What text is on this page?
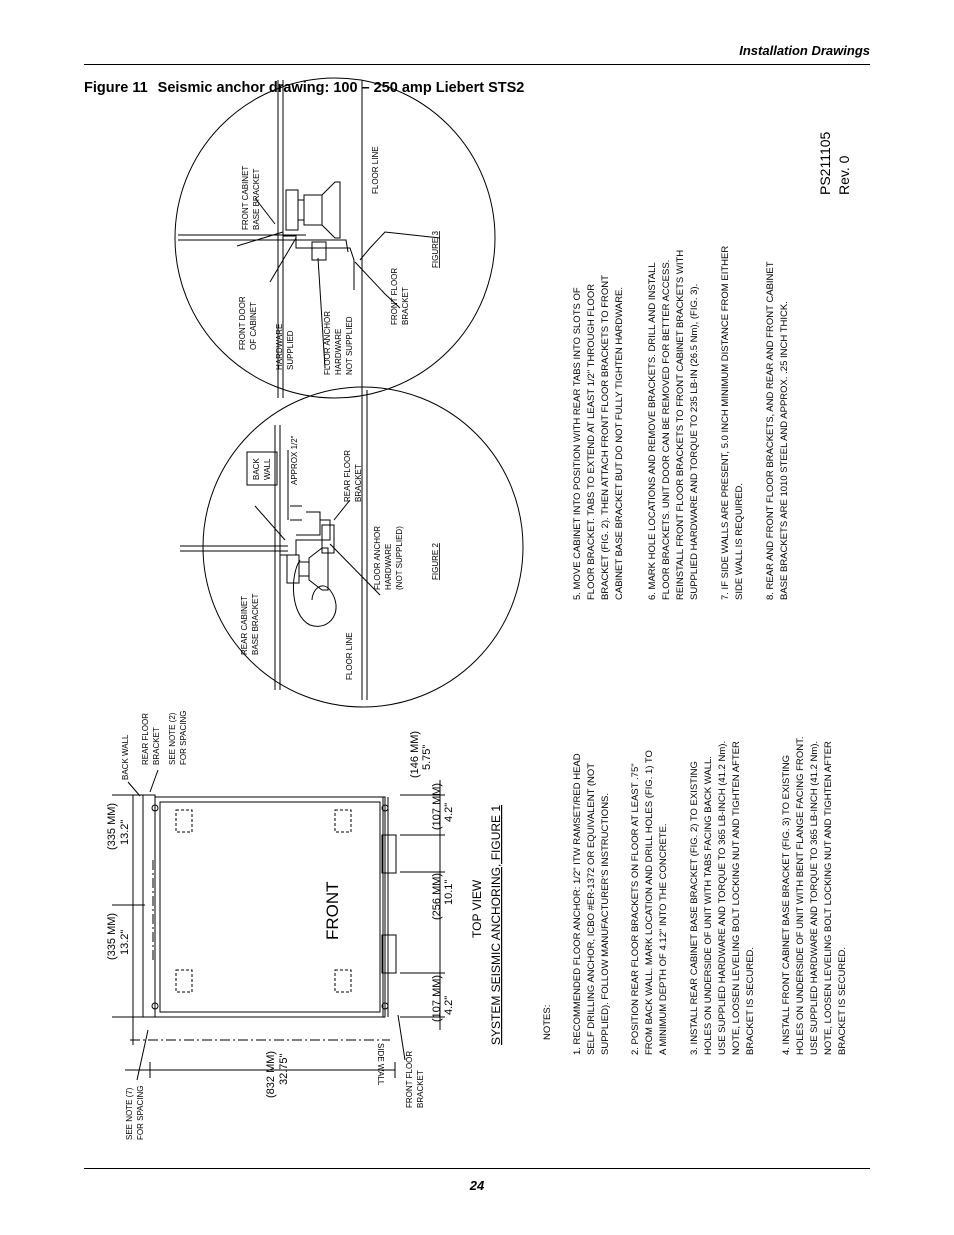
Installation Drawings
Figure 11 Seismic anchor drawing: 100 – 250 amp Liebert STS2
FRONT DOOR OF CABINET HARDWARE SUPPLIED	FLOOR ANCHOR HARDWARE NOT SUPPLIED
FRONT FLOOR BRACKET
FIGURE 3
FRONT CABINET BASE BRACKET	FLOOR LINE
REAR CABINET BASE BRACKET
FLOOR LINE
FLOOR ANCHOR HARDWARE (NOT SUPPLIED)	FIGURE 2
REAR FLOOR BRACKET
APPROX 1/2"
BACK WALL
BACK WALL REAR FLOOR BRACKET SEE NOTE (2) FOR SPACING
SIDE WALL	FRONT FLOOR BRACKET
SEE NOTE (7) FOR SPACING
FRONT	TOP VIEW SYSTEM SEISMIC ANCHORING, FIGURE 1
(335 MM) 13.2"
(335 MM) 13.2"
(832 MM) 32.75"
(107 MM) 4.2"
(256 MM) 10.1"
(107 MM) 4.2"
(146 MM) 5.75"
PS211105 Rev. 0
NOTES: 1. RECOMMENDED FLOOR ANCHOR: 1/2" ITW RAMSET/RED HEAD SELF DRILLING ANCHOR, ICBO #ER-1372 OR EQUIVALENT (NOT SUPPLIED). FOLLOW MANUFACTURER'S INSTRUCTIONS. 2. POSITION REAR FLOOR BRACKETS ON FLOOR AT LEAST .75" FROM BACK WALL. MARK LOCATION AND DRILL HOLES (FIG. 1) TO A MINIMUM DEPTH OF 4.12" INTO THE CONCRETE. 3. INSTALL REAR CABINET BASE BRACKET (FIG. 2) TO EXISTING HOLES ON UNDERSIDE OF UNIT WITH TABS FACING BACK WALL. USE SUPPLIED HARDWARE AND TORQUE TO 365 LB-INCH (41.2 Nm). NOTE, LOOSEN LEVELING BOLT LOCKING NUT AND TIGHTEN AFTER BRACKET IS SECURED.	4. INSTALL FRONT CABINET BASE BRACKET (FIG. 3) TO EXISTING HOLES ON UNDERSIDE OF UNIT WITH BENT FLANGE FACING FRONT. USE SUPPLIED HARDWARE AND TORQUE TO 365 LB-INCH (41.2 Nm). NOTE, LOOSEN LEVELING BOLT LOCKING NUT AND TIGHTEN AFTER BRACKET IS SECURED.
5. MOVE CABINET INTO POSITION WITH REAR TABS INTO SLOTS OF FLOOR BRACKET. TABS TO EXTEND AT LEAST 1/2" THROUGH FLOOR BRACKET (FIG. 2). THEN ATTACH FRONT FLOOR BRACKETS TO FRONT CABINET BASE BRACKET BUT DO NOT FULLY TIGHTEN HARDWARE. 6. MARK HOLE LOCATIONS AND REMOVE BRACKETS. DRILL AND INSTALL FLOOR BRACKETS. UNIT DOOR CAN BE REMOVED FOR BETTER ACCESS. REINSTALL FRONT FLOOR BRACKETS TO FRONT CABINET BRACKETS WITH SUPPLIED HARDWARE AND TORQUE TO 235 LB-IN (26.5 Nm), (FIG. 3). 7. IF SIDE WALLS ARE PRESENT, 5.0 INCH MINIMUM DISTANCE FROM EITHER SIDE WALL IS REQUIRED. 8. REAR AND FRONT FLOOR BRACKETS, AND REAR AND FRONT CABINET BASE BRACKETS ARE 1010 STEEL AND APPROX. .25 INCH THICK.
24
